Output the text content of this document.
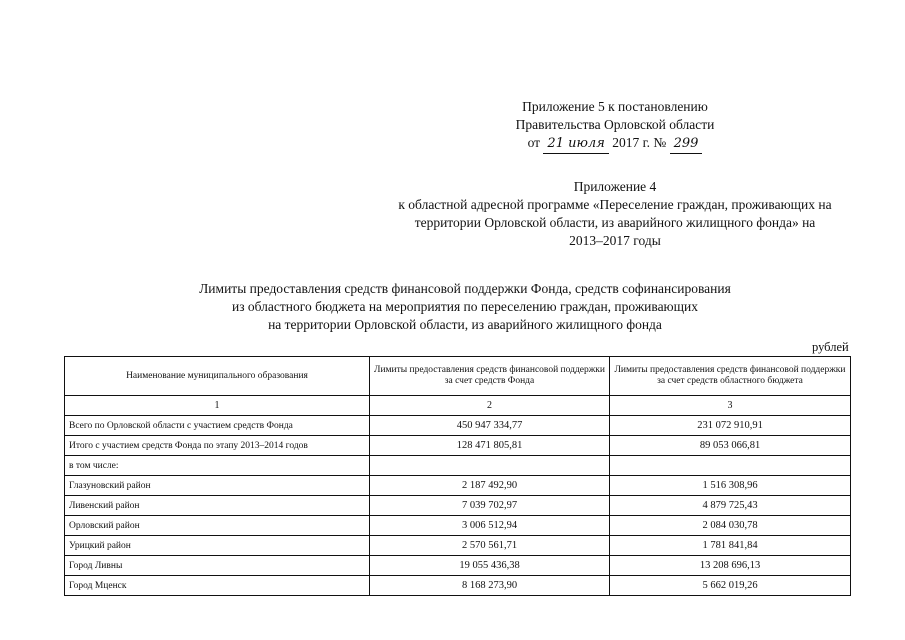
Приложение 5 к постановлению
Правительства Орловской области
от 21 июля 2017 г. № 299
Приложение 4
к областной адресной программе «Переселение граждан, проживающих на
территории Орловской области, из аварийного жилищного фонда» на
2013–2017 годы
Лимиты предоставления средств финансовой поддержки Фонда, средств софинансирования
из областного бюджета на мероприятия по переселению граждан, проживающих
на территории Орловской области, из аварийного жилищного фонда
рублей
Наименование муниципального образования	Лимиты предоставления средств финансовой поддержки за счет средств Фонда	Лимиты предоставления средств финансовой поддержки за счет средств областного бюджета
1	2	3
Всего по Орловской области с участием средств Фонда	450 947 334,77	231 072 910,91
Итого с участием средств Фонда по этапу 2013–2014 годов	128 471 805,81	89 053 066,81
в том числе:		
Глазуновский район	2 187 492,90	1 516 308,96
Ливенский район	7 039 702,97	4 879 725,43
Орловский район	3 006 512,94	2 084 030,78
Урицкий район	2 570 561,71	1 781 841,84
Город Ливны	19 055 436,38	13 208 696,13
Город Мценск	8 168 273,90	5 662 019,26
